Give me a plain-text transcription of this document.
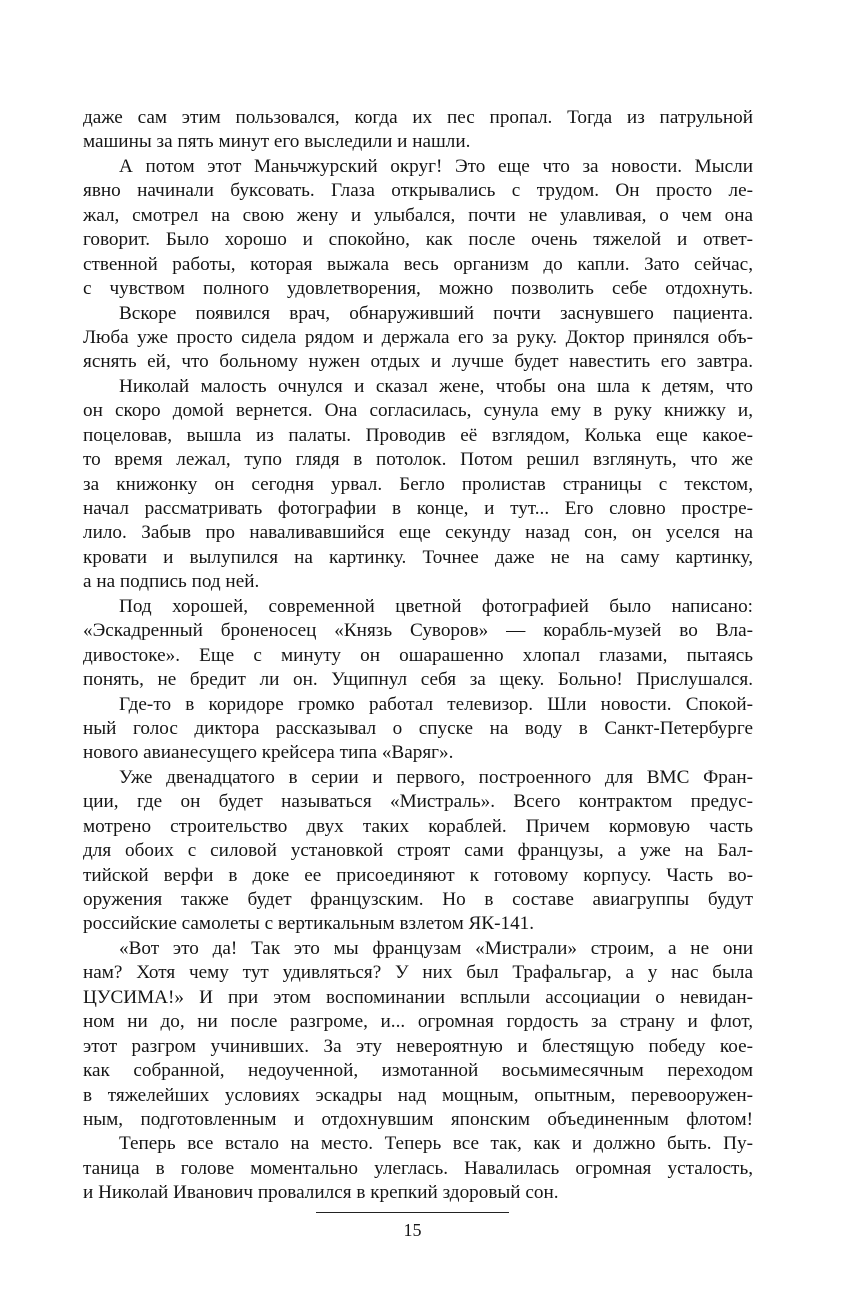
даже сам этим пользовался, когда их пес пропал. Тогда из патрульной
машины за пять минут его выследили и нашли.
А потом этот Маньчжурский округ! Это еще что за новости. Мысли
явно начинали буксовать. Глаза открывались с трудом. Он просто ле-
жал, смотрел на свою жену и улыбался, почти не улавливая, о чем она
говорит. Было хорошо и спокойно, как после очень тяжелой и ответ-
ственной работы, которая выжала весь организм до капли. Зато сейчас,
с чувством полного удовлетворения, можно позволить себе отдохнуть.
Вскоре появился врач, обнаруживший почти заснувшего пациента.
Люба уже просто сидела рядом и держала его за руку. Доктор принялся объ-
яснять ей, что больному нужен отдых и лучше будет навестить его завтра.
Николай малость очнулся и сказал жене, чтобы она шла к детям, что
он скоро домой вернется. Она согласилась, сунула ему в руку книжку и,
поцеловав, вышла из палаты. Проводив её взглядом, Колька еще какое-
то время лежал, тупо глядя в потолок. Потом решил взглянуть, что же
за книжонку он сегодня урвал. Бегло пролистав страницы с текстом,
начал рассматривать фотографии в конце, и тут... Его словно простре-
лило. Забыв про наваливавшийся еще секунду назад сон, он уселся на
кровати и вылупился на картинку. Точнее даже не на саму картинку,
а на подпись под ней.
Под хорошей, современной цветной фотографией было написано:
«Эскадренный броненосец «Князь Суворов» — корабль-музей во Вла-
дивостоке». Еще с минуту он ошарашенно хлопал глазами, пытаясь
понять, не бредит ли он. Ущипнул себя за щеку. Больно! Прислушался.
Где-то в коридоре громко работал телевизор. Шли новости. Спокой-
ный голос диктора рассказывал о спуске на воду в Санкт-Петербурге
нового авианесущего крейсера типа «Варяг».
Уже двенадцатого в серии и первого, построенного для ВМС Фран-
ции, где он будет называться «Мистраль». Всего контрактом предус-
мотрено строительство двух таких кораблей. Причем кормовую часть
для обоих с силовой установкой строят сами французы, а уже на Бал-
тийской верфи в доке ее присоединяют к готовому корпусу. Часть во-
оружения также будет французским. Но в составе авиагруппы будут
российские самолеты с вертикальным взлетом ЯК-141.
«Вот это да! Так это мы французам «Мистрали» строим, а не они
нам? Хотя чему тут удивляться? У них был Трафальгар, а у нас была
ЦУСИМА!» И при этом воспоминании всплыли ассоциации о невидан-
ном ни до, ни после разгроме, и... огромная гордость за страну и флот,
этот разгром учинивших. За эту невероятную и блестящую победу кое-
как собранной, недоученной, измотанной восьмимесячным переходом
в тяжелейших условиях эскадры над мощным, опытным, перевооружен-
ным, подготовленным и отдохнувшим японским объединенным флотом!
Теперь все встало на место. Теперь все так, как и должно быть. Пу-
таница в голове моментально улеглась. Навалилась огромная усталость,
и Николай Иванович провалился в крепкий здоровый сон.
15
